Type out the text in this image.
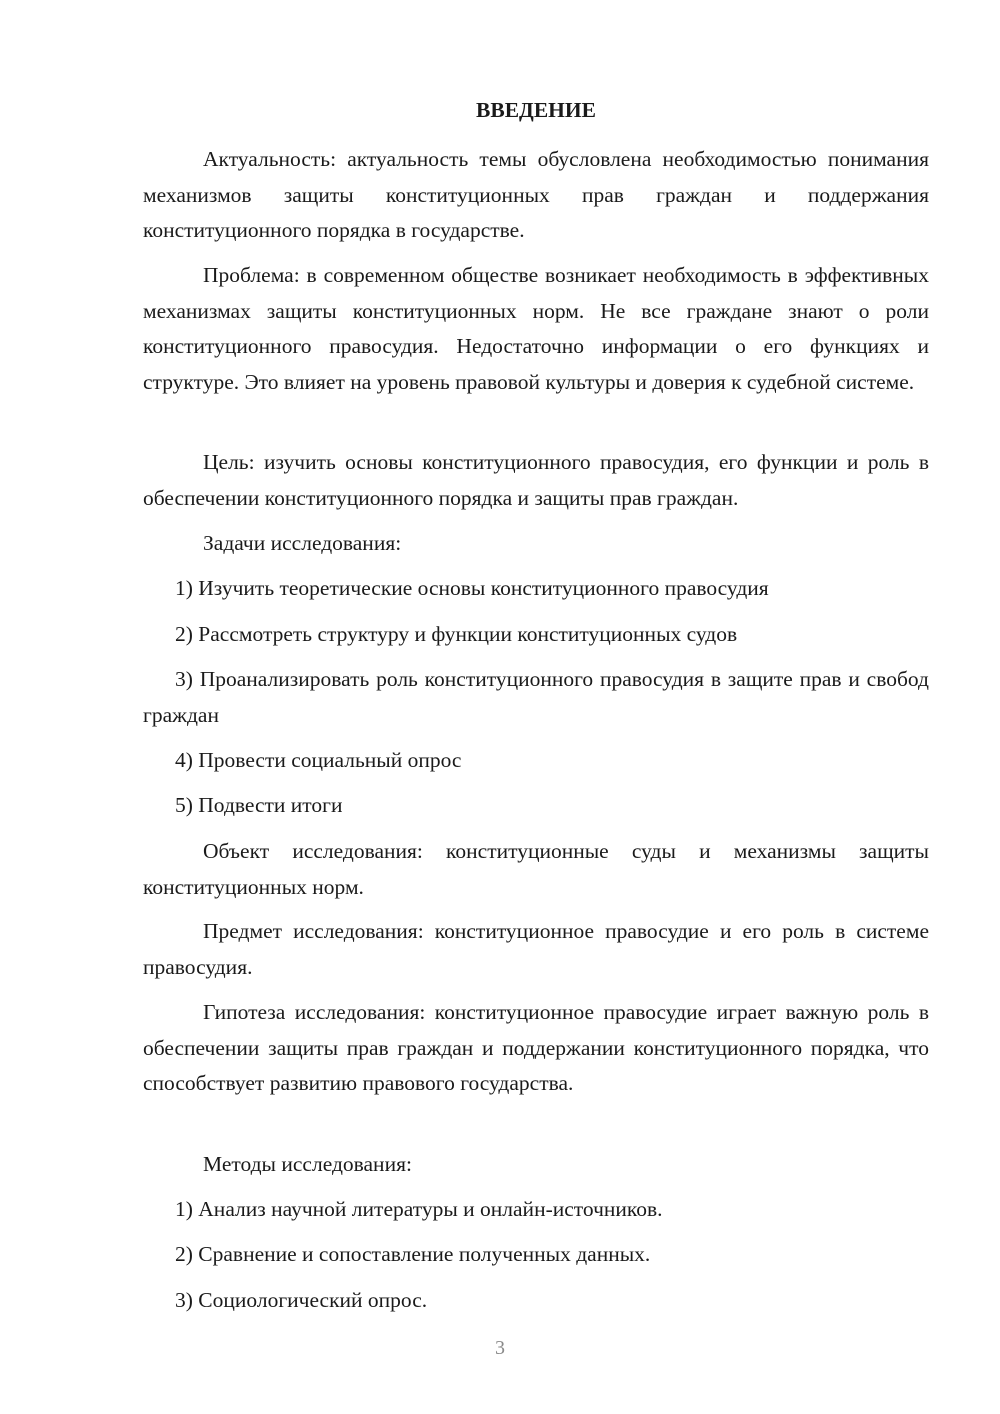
ВВЕДЕНИЕ

Актуальность: актуальность темы обусловлена необходимостью понимания механизмов защиты конституционных прав граждан и поддержания конституционного порядка в государстве.

Проблема: в современном обществе возникает необходимость в эффективных механизмах защиты конституционных норм. Не все граждане знают о роли конституционного правосудия. Недостаточно информации о его функциях и структуре. Это влияет на уровень правовой культуры и доверия к судебной системе.

Цель: изучить основы конституционного правосудия, его функции и роль в обеспечении конституционного порядка и защиты прав граждан.

Задачи исследования:

1) Изучить теоретические основы конституционного правосудия

2) Рассмотреть структуру и функции конституционных судов

3) Проанализировать роль конституционного правосудия в защите прав и свобод граждан

4) Провести социальный опрос

5) Подвести итоги

Объект исследования: конституционные суды и механизмы защиты конституционных норм.

Предмет исследования: конституционное правосудие и его роль в системе правосудия.

Гипотеза исследования: конституционное правосудие играет важную роль в обеспечении защиты прав граждан и поддержании конституционного порядка, что способствует развитию правового государства.

Методы исследования:

1) Анализ научной литературы и онлайн-источников.

2) Сравнение и сопоставление полученных данных.

3) Социологический опрос.

3
